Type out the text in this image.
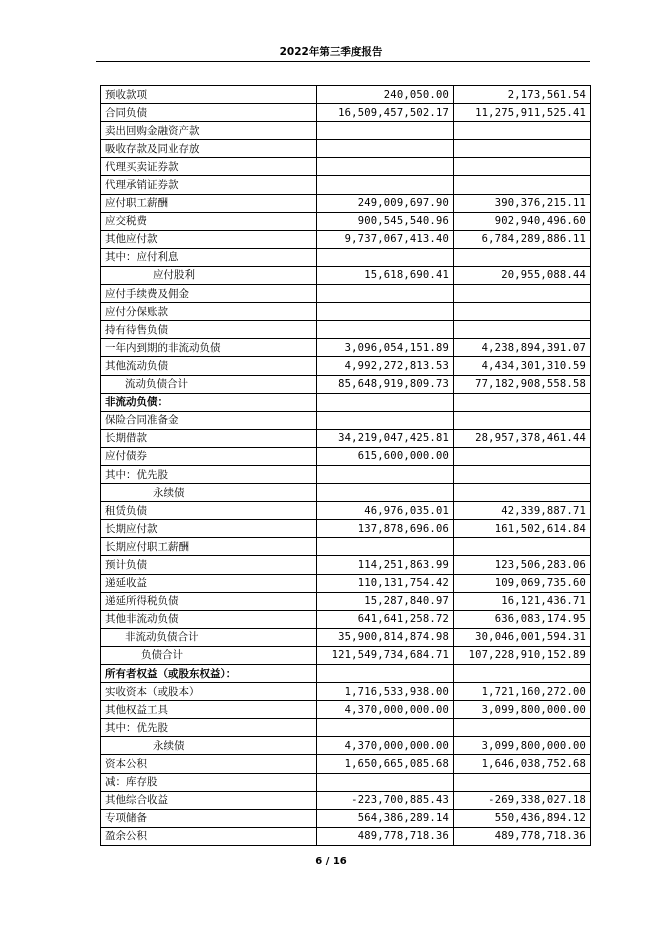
2022年第三季度报告
预收款项	240,050.00	2,173,561.54
合同负债	16,509,457,502.17	11,275,911,525.41
卖出回购金融资产款		
吸收存款及同业存放		
代理买卖证券款		
代理承销证券款		
应付职工薪酬	249,009,697.90	390,376,215.11
应交税费	900,545,540.96	902,940,496.60
其他应付款	9,737,067,413.40	6,784,289,886.11
其中：应付利息		
应付股利	15,618,690.41	20,955,088.44
应付手续费及佣金		
应付分保账款		
持有待售负债		
一年内到期的非流动负债	3,096,054,151.89	4,238,894,391.07
其他流动负债	4,992,272,813.53	4,434,301,310.59
流动负债合计	85,648,919,809.73	77,182,908,558.58
非流动负债：		
保险合同准备金		
长期借款	34,219,047,425.81	28,957,378,461.44
应付债券	615,600,000.00	
其中：优先股		
永续债		
租赁负债	46,976,035.01	42,339,887.71
长期应付款	137,878,696.06	161,502,614.84
长期应付职工薪酬		
预计负债	114,251,863.99	123,506,283.06
递延收益	110,131,754.42	109,069,735.60
递延所得税负债	15,287,840.97	16,121,436.71
其他非流动负债	641,641,258.72	636,083,174.95
非流动负债合计	35,900,814,874.98	30,046,001,594.31
负债合计	121,549,734,684.71	107,228,910,152.89
所有者权益（或股东权益）：		
实收资本（或股本）	1,716,533,938.00	1,721,160,272.00
其他权益工具	4,370,000,000.00	3,099,800,000.00
其中：优先股		
永续债	4,370,000,000.00	3,099,800,000.00
资本公积	1,650,665,085.68	1,646,038,752.68
减：库存股		
其他综合收益	-223,700,885.43	-269,338,027.18
专项储备	564,386,289.14	550,436,894.12
盈余公积	489,778,718.36	489,778,718.36
6 / 16
